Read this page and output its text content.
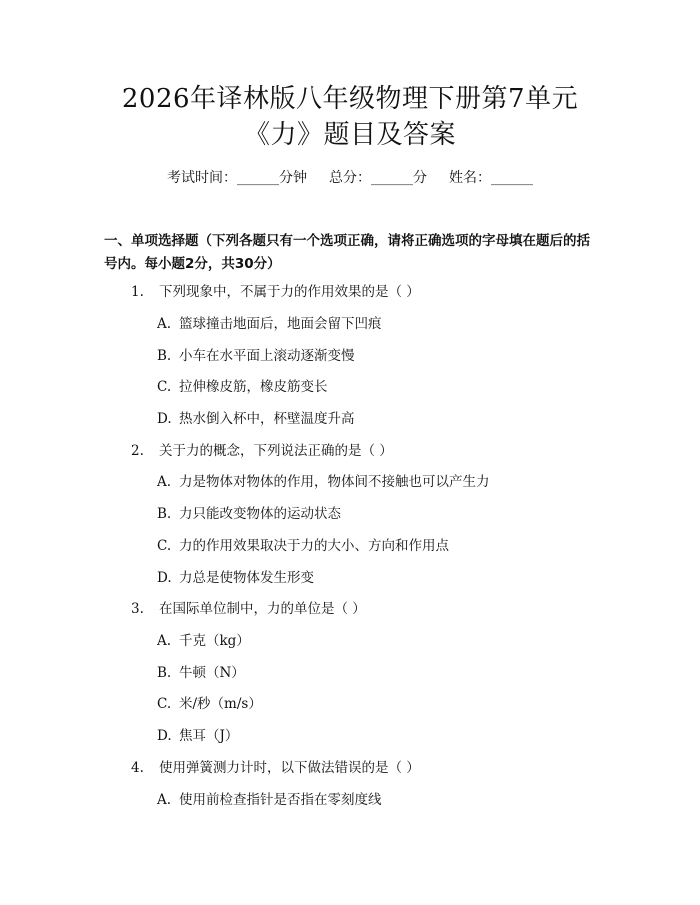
2026年译林版八年级物理下册第7单元
《力》题目及答案
考试时间：______分钟 总分：______分 姓名：______
一、单项选择题（下列各题只有一个选项正确，请将正确选项的字母填在题后的括号内。每小题2分，共30分）
1. 下列现象中，不属于力的作用效果的是（ ）
A. 篮球撞击地面后，地面会留下凹痕
B. 小车在水平面上滚动逐渐变慢
C. 拉伸橡皮筋，橡皮筋变长
D. 热水倒入杯中，杯壁温度升高
2. 关于力的概念，下列说法正确的是（ ）
A. 力是物体对物体的作用，物体间不接触也可以产生力
B. 力只能改变物体的运动状态
C. 力的作用效果取决于力的大小、方向和作用点
D. 力总是使物体发生形变
3. 在国际单位制中，力的单位是（ ）
A. 千克（kg）
B. 牛顿（N）
C. 米/秒（m/s）
D. 焦耳（J）
4. 使用弹簧测力计时，以下做法错误的是（ ）
A. 使用前检查指针是否指在零刻度线
